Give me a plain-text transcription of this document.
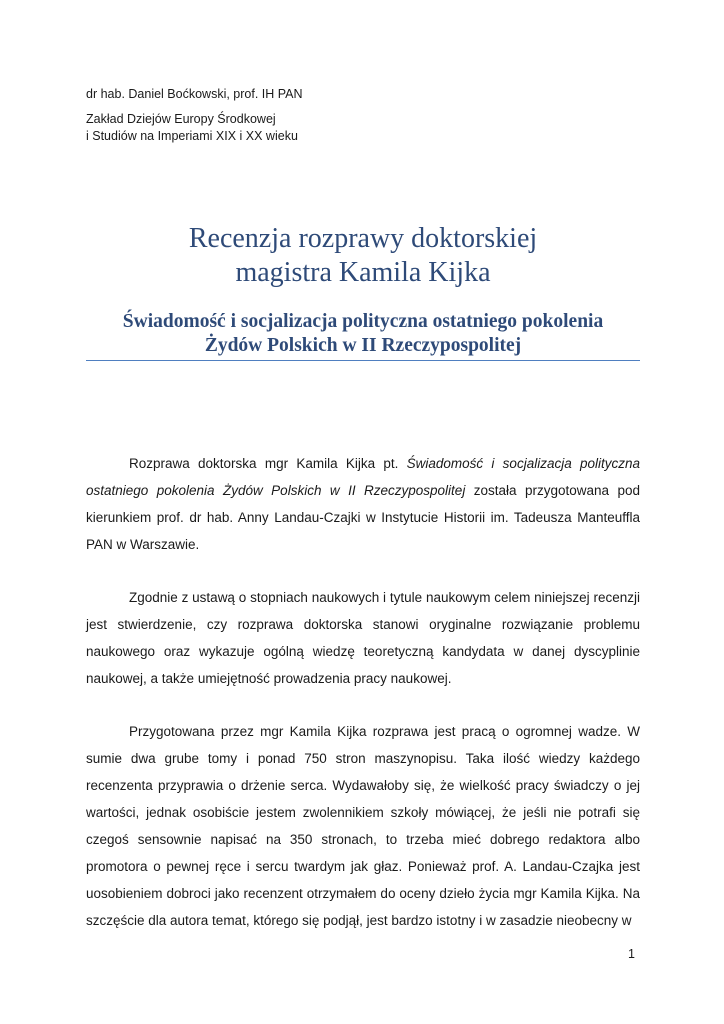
dr hab. Daniel Boćkowski, prof. IH PAN
Zakład Dziejów Europy Środkowej
i Studiów na Imperiami XIX i XX wieku
Recenzja rozprawy doktorskiej
magistra Kamila Kijka
Świadomość i socjalizacja polityczna ostatniego pokolenia
Żydów Polskich w II Rzeczypospolitej

Rozprawa doktorska mgr Kamila Kijka pt. Świadomość i socjalizacja polityczna ostatniego pokolenia Żydów Polskich w II Rzeczypospolitej została przygotowana pod kierunkiem prof. dr hab. Anny Landau-Czajki w Instytucie Historii im. Tadeusza Manteuffla PAN w Warszawie.

Zgodnie z ustawą o stopniach naukowych i tytule naukowym celem niniejszej recenzji jest stwierdzenie, czy rozprawa doktorska stanowi oryginalne rozwiązanie problemu naukowego oraz wykazuje ogólną wiedzę teoretyczną kandydata w danej dyscyplinie naukowej, a także umiejętność prowadzenia pracy naukowej.

Przygotowana przez mgr Kamila Kijka rozprawa jest pracą o ogromnej wadze. W sumie dwa grube tomy i ponad 750 stron maszynopisu. Taka ilość wiedzy każdego recenzenta przyprawia o drżenie serca. Wydawałoby się, że wielkość pracy świadczy o jej wartości, jednak osobiście jestem zwolennikiem szkoły mówiącej, że jeśli nie potrafi się czegoś sensownie napisać na 350 stronach, to trzeba mieć dobrego redaktora albo promotora o pewnej ręce i sercu twardym jak głaz. Ponieważ prof. A. Landau-Czajka jest uosobieniem dobroci jako recenzent otrzymałem do oceny dzieło życia mgr Kamila Kijka. Na szczęście dla autora temat, którego się podjął, jest bardzo istotny i w zasadzie nieobecny w

1
